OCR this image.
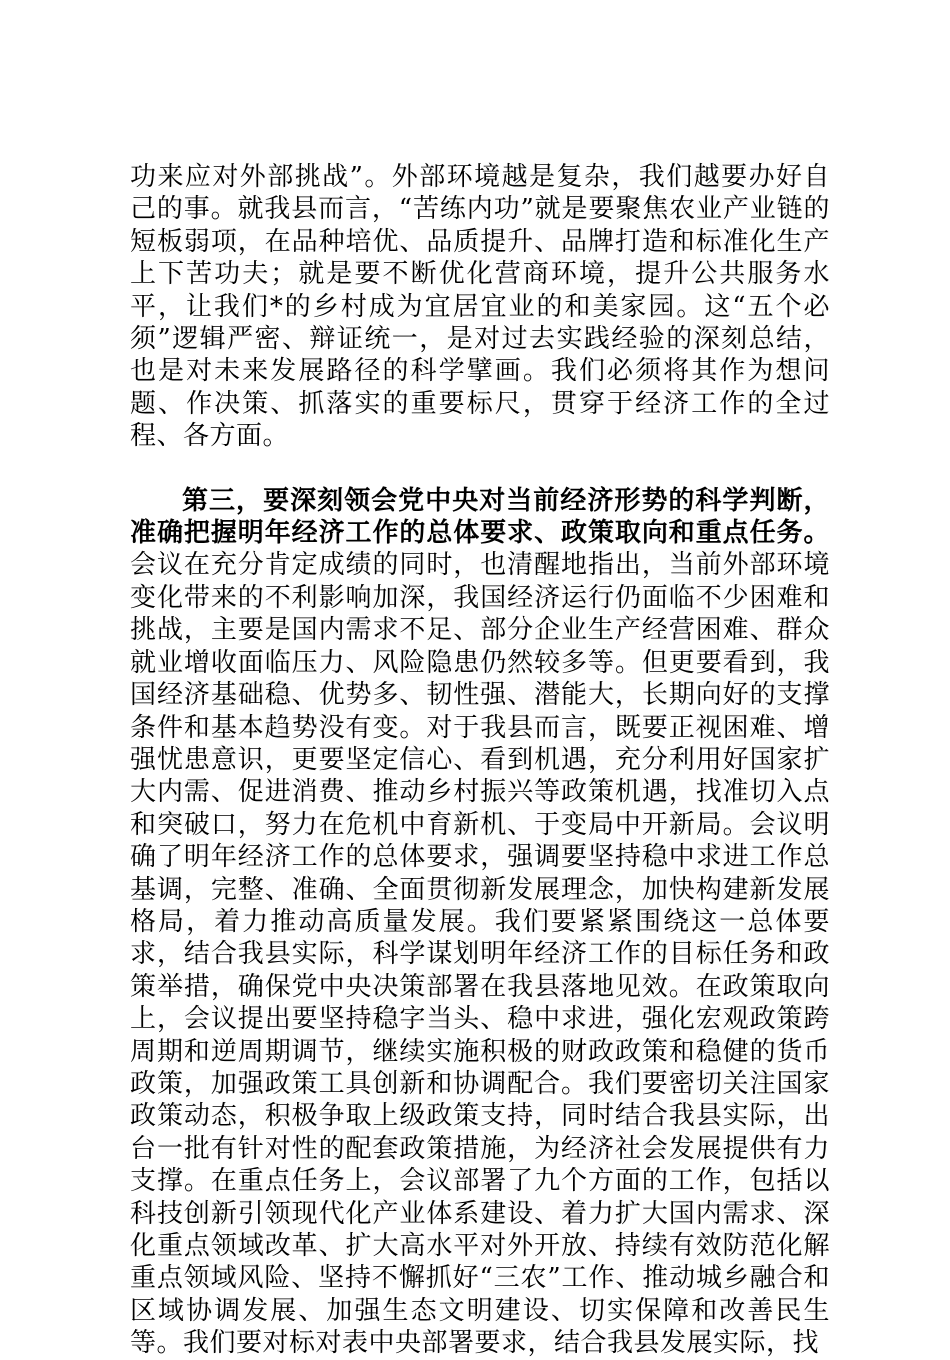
功来应对外部挑战”。外部环境越是复杂，我们越要办好自己的事。就我县而言，“苦练内功”就是要聚焦农业产业链的短板弱项，在品种培优、品质提升、品牌打造和标准化生产上下苦功夫；就是要不断优化营商环境，提升公共服务水平，让我们*的乡村成为宜居宜业的和美家园。这“五个必须”逻辑严密、辩证统一，是对过去实践经验的深刻总结，也是对未来发展路径的科学擘画。我们必须将其作为想问题、作决策、抓落实的重要标尺，贯穿于经济工作的全过程、各方面。

第三，要深刻领会党中央对当前经济形势的科学判断，准确把握明年经济工作的总体要求、政策取向和重点任务。会议在充分肯定成绩的同时，也清醒地指出，当前外部环境变化带来的不利影响加深，我国经济运行仍面临不少困难和挑战，主要是国内需求不足、部分企业生产经营困难、群众就业增收面临压力、风险隐患仍然较多等。但更要看到，我国经济基础稳、优势多、韧性强、潜能大，长期向好的支撑条件和基本趋势没有变。对于我县而言，既要正视困难、增强忧患意识，更要坚定信心、看到机遇，充分利用好国家扩大内需、促进消费、推动乡村振兴等政策机遇，找准切入点和突破口，努力在危机中育新机、于变局中开新局。会议明确了明年经济工作的总体要求，强调要坚持稳中求进工作总基调，完整、准确、全面贯彻新发展理念，加快构建新发展格局，着力推动高质量发展。我们要紧紧围绕这一总体要求，结合我县实际，科学谋划明年经济工作的目标任务和政策举措，确保党中央决策部署在我县落地见效。在政策取向上，会议提出要坚持稳字当头、稳中求进，强化宏观政策跨周期和逆周期调节，继续实施积极的财政政策和稳健的货币政策，加强政策工具创新和协调配合。我们要密切关注国家政策动态，积极争取上级政策支持，同时结合我县实际，出台一批有针对性的配套政策措施，为经济社会发展提供有力支撑。在重点任务上，会议部署了九个方面的工作，包括以科技创新引领现代化产业体系建设、着力扩大国内需求、深化重点领域改革、扩大高水平对外开放、持续有效防范化解重点领域风险、坚持不懈抓好“三农”工作、推动城乡融合和区域协调发展、加强生态文明建设、切实保障和改善民生等。我们要对标对表中央部署要求，结合我县发展实际，找
